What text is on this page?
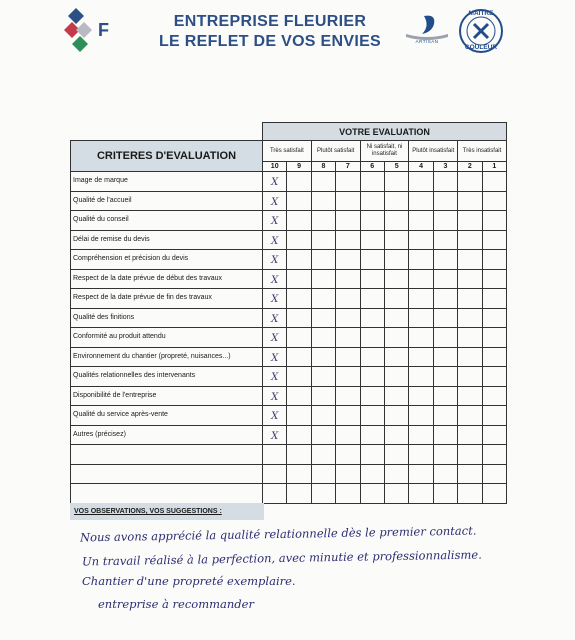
F	ENTREPRISE FLEURIER
LE REFLET DE VOS ENVIES	ARTISAN
MAÎTRE
COULEUR
	VOTRE EVALUATION									
CRITERES D'EVALUATION	Très satisfait		Plutôt satisfait		Ni satisfait, ni insatisfait		Plutôt insatisfait		Très insatisfait	
	10	9	8	7	6	5	4	3	2	1
Image de marque	X									
Qualité de l'accueil	X									
Qualité du conseil	X									
Délai de remise du devis	X									
Compréhension et précision du devis	X									
Respect de la date prévue de début des travaux	X									
Respect de la date prévue de fin des travaux	X									
Qualité des finitions	X									
Conformité au produit attendu	X									
Environnement du chantier (propreté, nuisances...)	X									
Qualités relationnelles des intervenants	X									
Disponibilité de l'entreprise	X									
Qualité du service après-vente	X									
Autres (précisez)	X									

VOS OBSERVATIONS, VOS SUGGESTIONS :
Nous avons apprécié la qualité relationnelle dès le premier contact.
Un travail réalisé à la perfection, avec minutie et professionnalisme.
Chantier d'une propreté exemplaire.
entreprise à recommander
